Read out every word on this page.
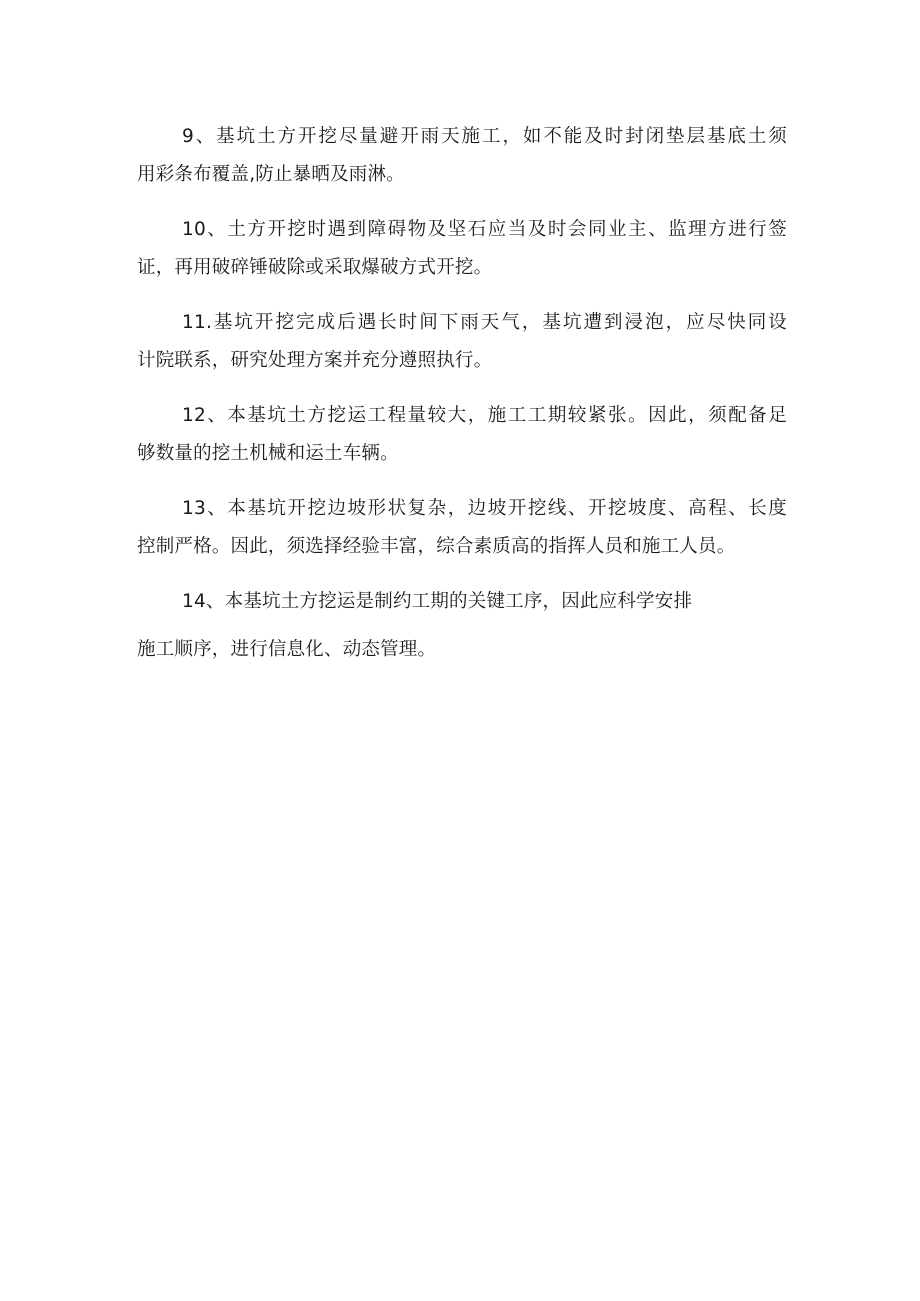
9、基坑土方开挖尽量避开雨天施工，如不能及时封闭垫层基底土须
用彩条布覆盖,防止暴晒及雨淋。

10、土方开挖时遇到障碍物及坚石应当及时会同业主、监理方进行签
证，再用破碎锤破除或采取爆破方式开挖。

11.基坑开挖完成后遇长时间下雨天气，基坑遭到浸泡，应尽快同设
计院联系，研究处理方案并充分遵照执行。

12、本基坑土方挖运工程量较大，施工工期较紧张。因此，须配备足
够数量的挖土机械和运土车辆。

13、本基坑开挖边坡形状复杂，边坡开挖线、开挖坡度、高程、长度
控制严格。因此，须选择经验丰富，综合素质高的指挥人员和施工人员。

14、本基坑土方挖运是制约工期的关键工序，因此应科学安排
施工顺序，进行信息化、动态管理。
